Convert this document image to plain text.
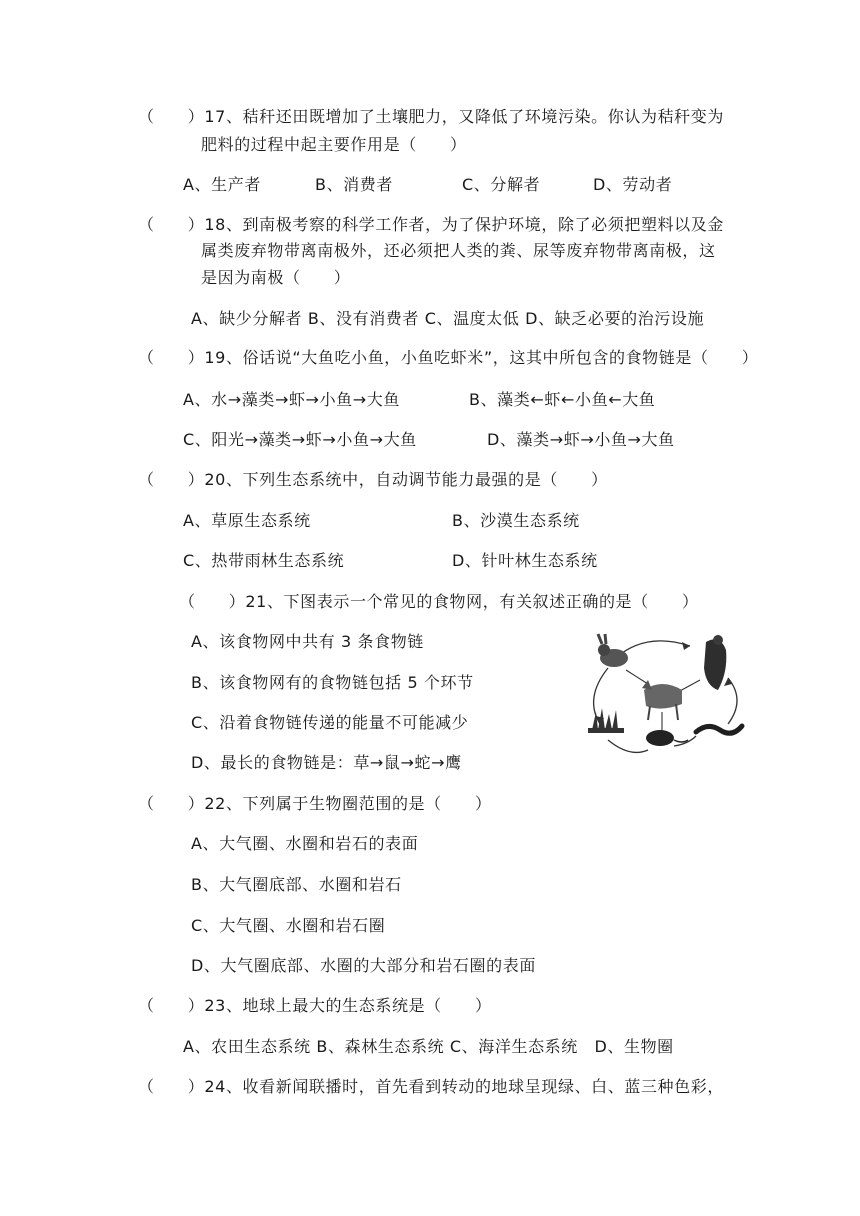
（　　）17、秸秆还田既增加了土壤肥力，又降低了环境污染。你认为秸秆变为
肥料的过程中起主要作用是（　　）
A、生产者	B、消费者	C、分解者	D、劳动者
（　　）18、到南极考察的科学工作者，为了保护环境，除了必须把塑料以及金
属类废弃物带离南极外，还必须把人类的粪、尿等废弃物带离南极，这
是因为南极（　　）
A、缺少分解者 B、没有消费者 C、温度太低 D、缺乏必要的治污设施
（　　）19、俗话说“大鱼吃小鱼，小鱼吃虾米”，这其中所包含的食物链是（　　）
A、水→藻类→虾→小鱼→大鱼	B、藻类←虾←小鱼←大鱼
C、阳光→藻类→虾→小鱼→大鱼	D、藻类→虾→小鱼→大鱼
（　　）20、下列生态系统中，自动调节能力最强的是（　　）
A、草原生态系统	B、沙漠生态系统
C、热带雨林生态系统	D、针叶林生态系统
（　　）21、下图表示一个常见的食物网，有关叙述正确的是（　　）
A、该食物网中共有 3 条食物链
B、该食物网有的食物链包括 5 个环节
C、沿着食物链传递的能量不可能减少
D、最长的食物链是：草→鼠→蛇→鹰
（　　）22、下列属于生物圈范围的是（　　）
A、大气圈、水圈和岩石的表面
B、大气圈底部、水圈和岩石
C、大气圈、水圈和岩石圈
D、大气圈底部、水圈的大部分和岩石圈的表面
（　　）23、地球上最大的生态系统是（　　）
A、农田生态系统 B、森林生态系统 C、海洋生态系统　D、生物圈
（　　）24、收看新闻联播时，首先看到转动的地球呈现绿、白、蓝三种色彩，
